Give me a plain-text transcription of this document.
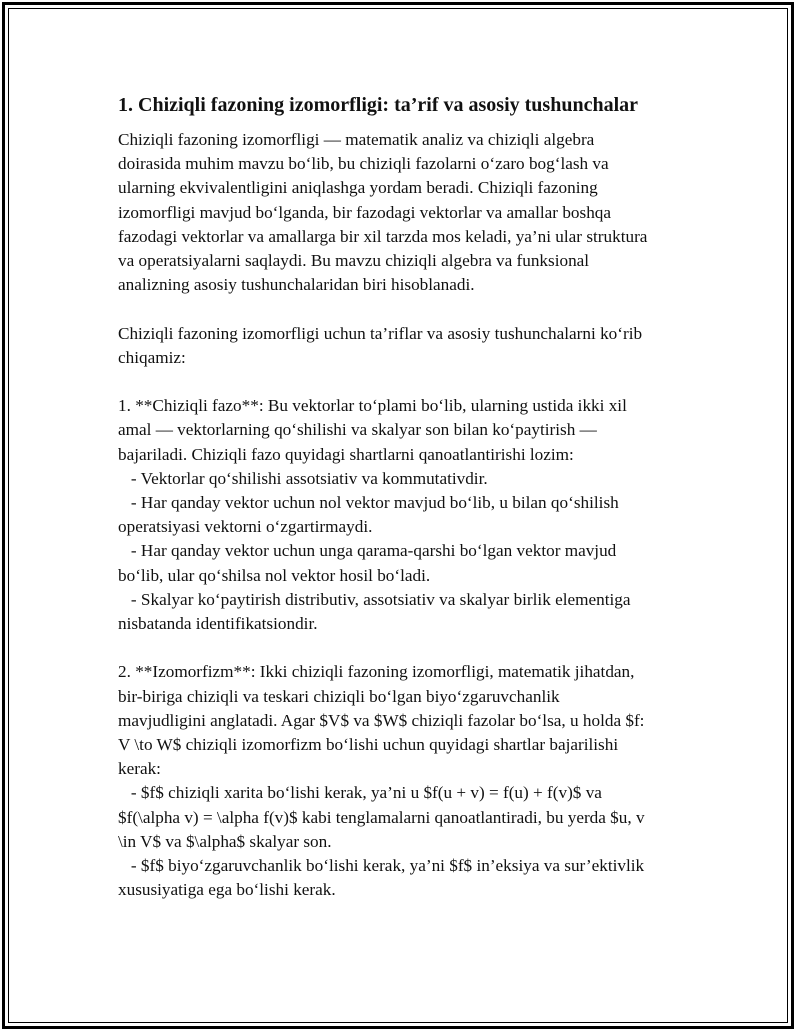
1. Chiziqli fazoning izomorfligi: ta’rif va asosiy tushunchalar
Chiziqli fazoning izomorfligi — matematik analiz va chiziqli algebra
doirasida muhim mavzu bo‘lib, bu chiziqli fazolarni o‘zaro bog‘lash va
ularning ekvivalentligini aniqlashga yordam beradi. Chiziqli fazoning
izomorfligi mavjud bo‘lganda, bir fazodagi vektorlar va amallar boshqa
fazodagi vektorlar va amallarga bir xil tarzda mos keladi, ya’ni ular struktura
va operatsiyalarni saqlaydi. Bu mavzu chiziqli algebra va funksional
analizning asosiy tushunchalaridan biri hisoblanadi.
Chiziqli fazoning izomorfligi uchun ta’riflar va asosiy tushunchalarni ko‘rib
chiqamiz:
1. **Chiziqli fazo**: Bu vektorlar to‘plami bo‘lib, ularning ustida ikki xil
amal — vektorlarning qo‘shilishi va skalyar son bilan ko‘paytirish —
bajariladi. Chiziqli fazo quyidagi shartlarni qanoatlantirishi lozim:
- Vektorlar qo‘shilishi assotsiativ va kommutativdir.
- Har qanday vektor uchun nol vektor mavjud bo‘lib, u bilan qo‘shilish
operatsiyasi vektorni o‘zgartirmaydi.
- Har qanday vektor uchun unga qarama-qarshi bo‘lgan vektor mavjud
bo‘lib, ular qo‘shilsa nol vektor hosil bo‘ladi.
- Skalyar ko‘paytirish distributiv, assotsiativ va skalyar birlik elementiga
nisbatanda identifikatsiondir.
2. **Izomorfizm**: Ikki chiziqli fazoning izomorfligi, matematik jihatdan,
bir-biriga chiziqli va teskari chiziqli bo‘lgan biyo‘zgaruvchanlik
mavjudligini anglatadi. Agar $V$ va $W$ chiziqli fazolar bo‘lsa, u holda $f:
V \to W$ chiziqli izomorfizm bo‘lishi uchun quyidagi shartlar bajarilishi
kerak:
- $f$ chiziqli xarita bo‘lishi kerak, ya’ni u $f(u + v) = f(u) + f(v)$ va
$f(\alpha v) = \alpha f(v)$ kabi tenglamalarni qanoatlantiradi, bu yerda $u, v
\in V$ va $\alpha$ skalyar son.
- $f$ biyo‘zgaruvchanlik bo‘lishi kerak, ya’ni $f$ in’eksiya va sur’ektivlik
xususiyatiga ega bo‘lishi kerak.
